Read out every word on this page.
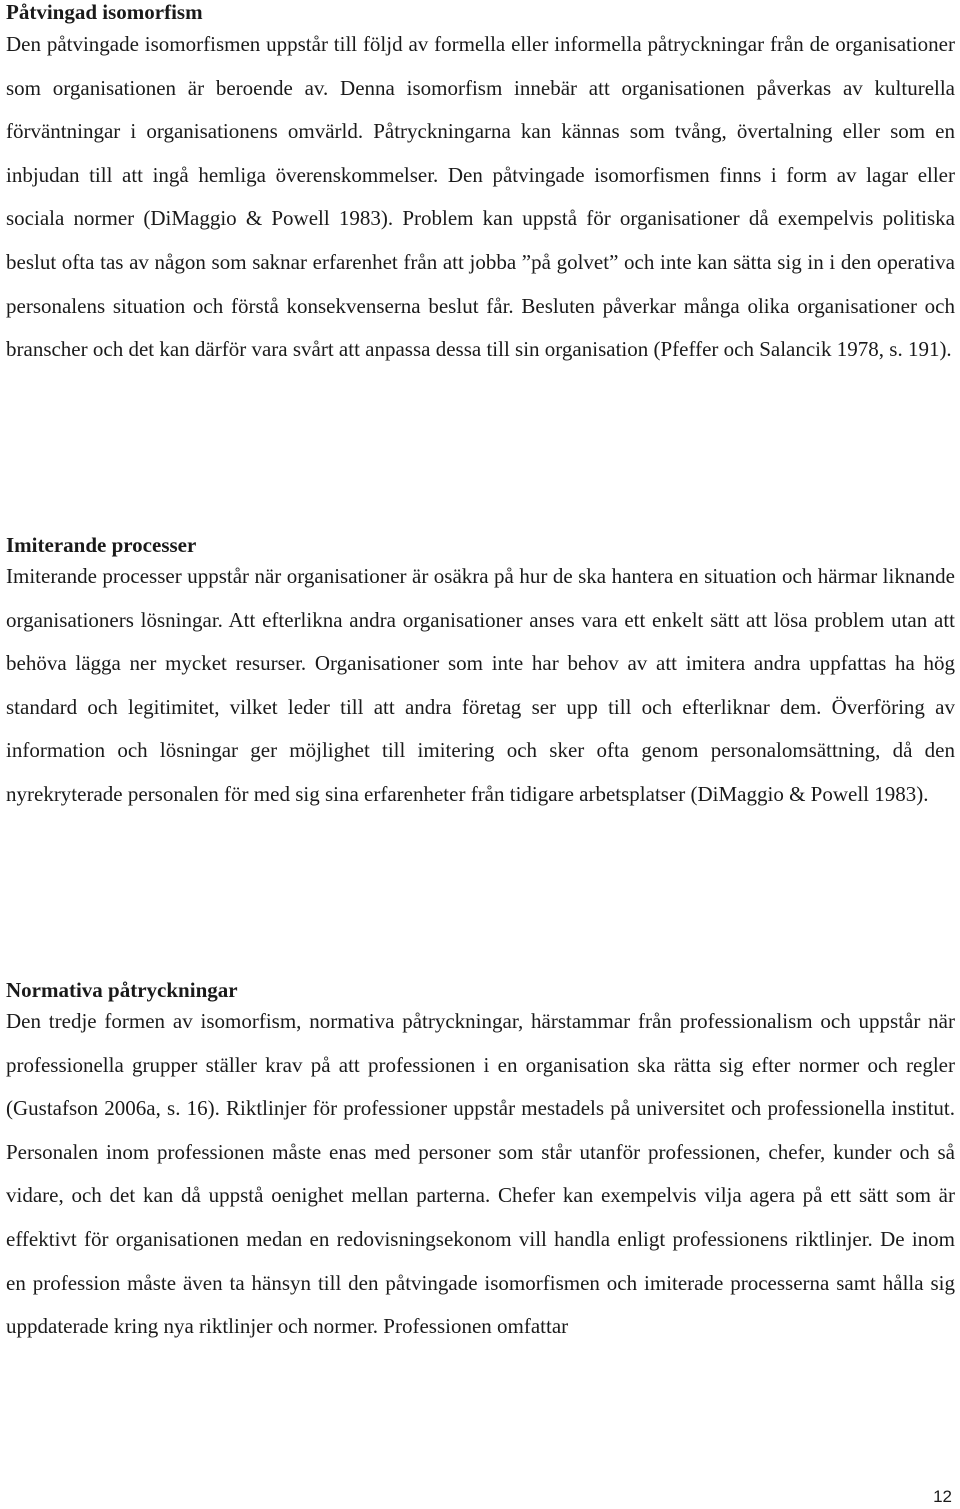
Påtvingad isomorfism

Den påtvingade isomorfismen uppstår till följd av formella eller informella påtryckningar från de organisationer som organisationen är beroende av. Denna isomorfism innebär att organisationen påverkas av kulturella förväntningar i organisationens omvärld. Påtryckningarna kan kännas som tvång, övertalning eller som en inbjudan till att ingå hemliga överenskommelser. Den påtvingade isomorfismen finns i form av lagar eller sociala normer (DiMaggio & Powell 1983). Problem kan uppstå för organisationer då exempelvis politiska beslut ofta tas av någon som saknar erfarenhet från att jobba ”på golvet” och inte kan sätta sig in i den operativa personalens situation och förstå konsekvenserna beslut får. Besluten påverkar många olika organisationer och branscher och det kan därför vara svårt att anpassa dessa till sin organisation (Pfeffer och Salancik 1978, s. 191).

Imiterande processer

Imiterande processer uppstår när organisationer är osäkra på hur de ska hantera en situation och härmar liknande organisationers lösningar. Att efterlikna andra organisationer anses vara ett enkelt sätt att lösa problem utan att behöva lägga ner mycket resurser. Organisationer som inte har behov av att imitera andra uppfattas ha hög standard och legitimitet, vilket leder till att andra företag ser upp till och efterliknar dem. Överföring av information och lösningar ger möjlighet till imitering och sker ofta genom personalomsättning, då den nyrekryterade personalen för med sig sina erfarenheter från tidigare arbetsplatser (DiMaggio & Powell 1983).

Normativa påtryckningar

Den tredje formen av isomorfism, normativa påtryckningar, härstammar från professionalism och uppstår när professionella grupper ställer krav på att professionen i en organisation ska rätta sig efter normer och regler (Gustafson 2006a, s. 16). Riktlinjer för professioner uppstår mestadels på universitet och professionella institut. Personalen inom professionen måste enas med personer som står utanför professionen, chefer, kunder och så vidare, och det kan då uppstå oenighet mellan parterna. Chefer kan exempelvis vilja agera på ett sätt som är effektivt för organisationen medan en redovisningsekonom vill handla enligt professionens riktlinjer. De inom en profession måste även ta hänsyn till den påtvingade isomorfismen och imiterade processerna samt hålla sig uppdaterade kring nya riktlinjer och normer. Professionen omfattar

12
